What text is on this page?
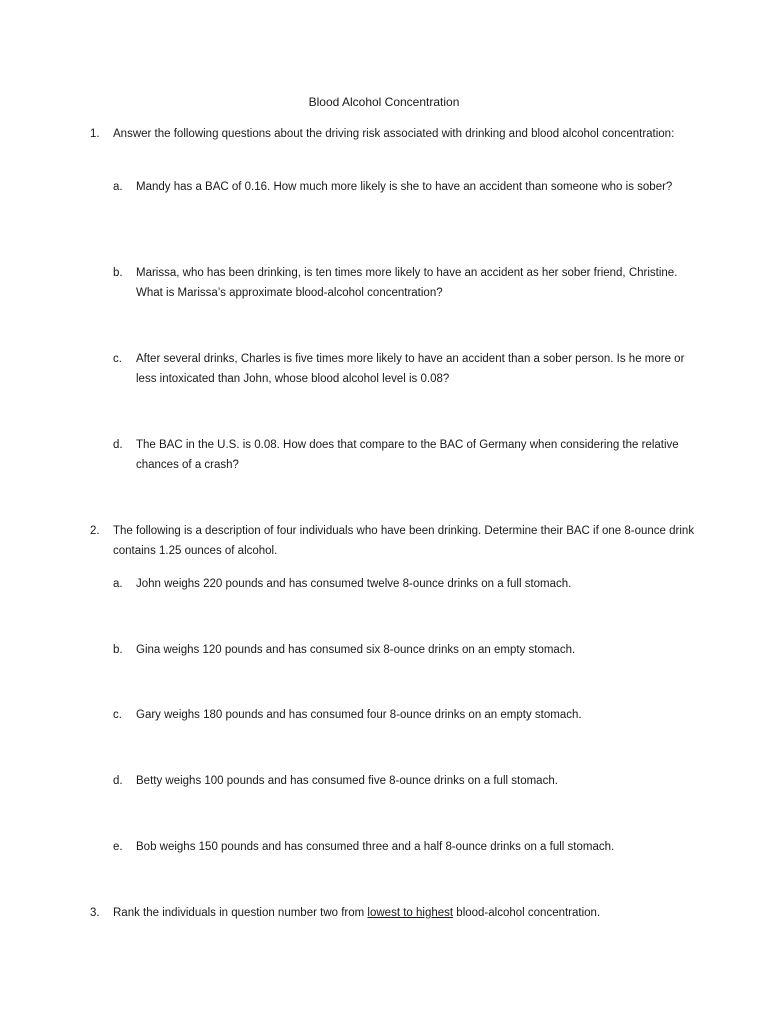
Blood Alcohol Concentration
1. Answer the following questions about the driving risk associated with drinking and blood alcohol concentration:
a. Mandy has a BAC of 0.16. How much more likely is she to have an accident than someone who is sober?
b. Marissa, who has been drinking, is ten times more likely to have an accident as her sober friend, Christine. What is Marissa’s approximate blood-alcohol concentration?
c. After several drinks, Charles is five times more likely to have an accident than a sober person. Is he more or less intoxicated than John, whose blood alcohol level is 0.08?
d. The BAC in the U.S. is 0.08. How does that compare to the BAC of Germany when considering the relative chances of a crash?
2. The following is a description of four individuals who have been drinking. Determine their BAC if one 8-ounce drink contains 1.25 ounces of alcohol.
a. John weighs 220 pounds and has consumed twelve 8-ounce drinks on a full stomach.
b. Gina weighs 120 pounds and has consumed six 8-ounce drinks on an empty stomach.
c. Gary weighs 180 pounds and has consumed four 8-ounce drinks on an empty stomach.
d. Betty weighs 100 pounds and has consumed five 8-ounce drinks on a full stomach.
e. Bob weighs 150 pounds and has consumed three and a half 8-ounce drinks on a full stomach.
3. Rank the individuals in question number two from lowest to highest blood-alcohol concentration.
